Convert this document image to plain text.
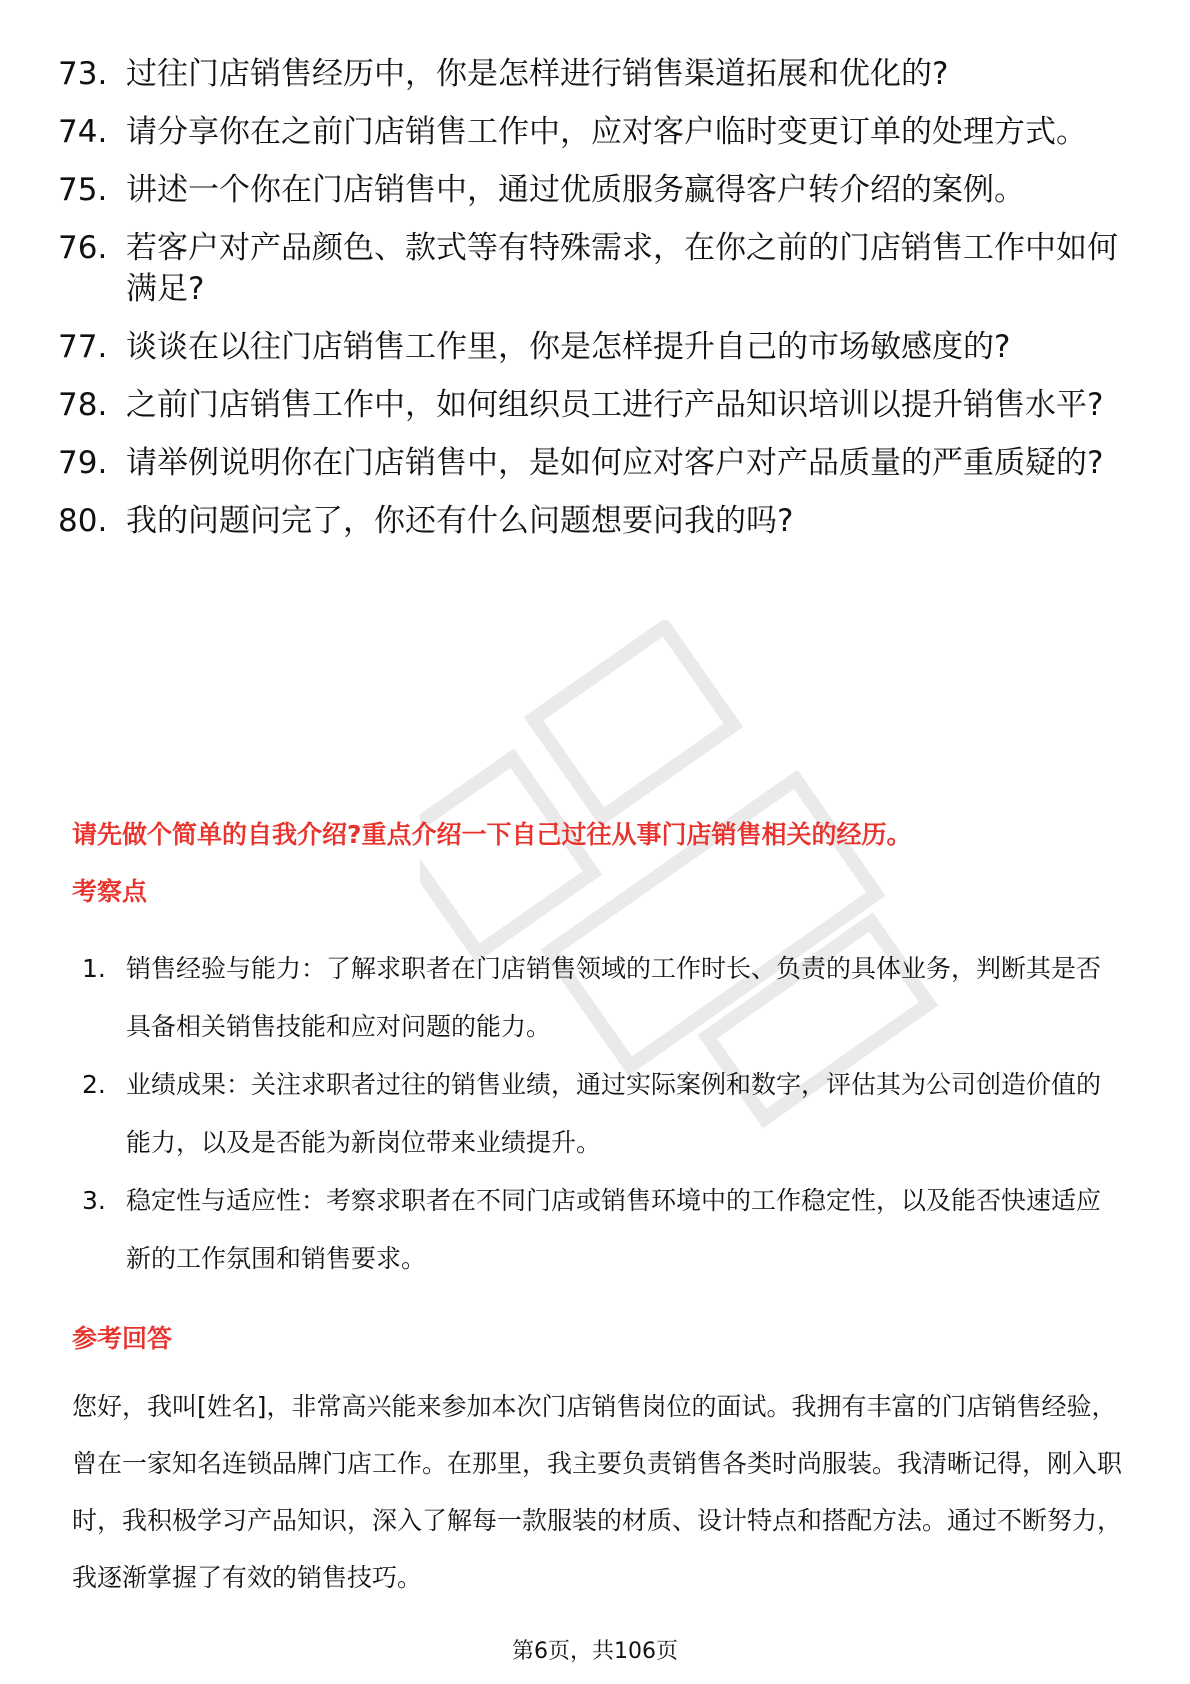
73. 过往门店销售经历中，你是怎样进行销售渠道拓展和优化的?
74. 请分享你在之前门店销售工作中，应对客户临时变更订单的处理方式。
75. 讲述一个你在门店销售中，通过优质服务赢得客户转介绍的案例。
76. 若客户对产品颜色、款式等有特殊需求，在你之前的门店销售工作中如何满足?
77. 谈谈在以往门店销售工作里，你是怎样提升自己的市场敏感度的?
78. 之前门店销售工作中，如何组织员工进行产品知识培训以提升销售水平?
79. 请举例说明你在门店销售中，是如何应对客户对产品质量的严重质疑的?
80. 我的问题问完了，你还有什么问题想要问我的吗?
请先做个简单的自我介绍?重点介绍一下自己过往从事门店销售相关的经历。
考察点
1. 销售经验与能力：了解求职者在门店销售领域的工作时长、负责的具体业务，判断其是否具备相关销售技能和应对问题的能力。
2. 业绩成果：关注求职者过往的销售业绩，通过实际案例和数字，评估其为公司创造价值的能力，以及是否能为新岗位带来业绩提升。
3. 稳定性与适应性：考察求职者在不同门店或销售环境中的工作稳定性，以及能否快速适应新的工作氛围和销售要求。
参考回答
您好，我叫[姓名]，非常高兴能来参加本次门店销售岗位的面试。我拥有丰富的门店销售经验，曾在一家知名连锁品牌门店工作。在那里，我主要负责销售各类时尚服装。我清晰记得，刚入职时，我积极学习产品知识，深入了解每一款服装的材质、设计特点和搭配方法。通过不断努力，我逐渐掌握了有效的销售技巧。
第6页，共106页
